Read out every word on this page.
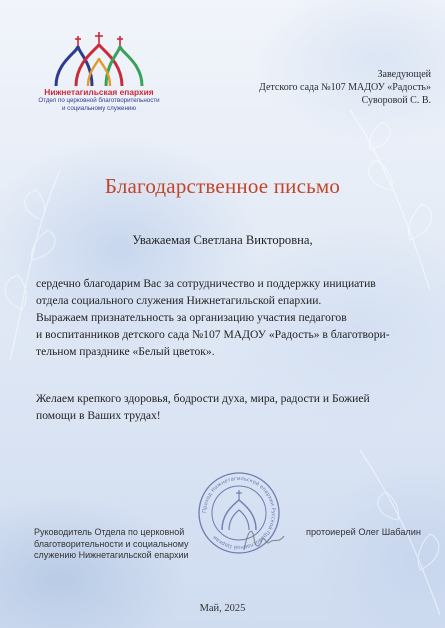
Нижнетагильская епархия
Отдел по церковной благотворительности
и социальному служению
Заведующей
Детского сада №107 МАДОУ «Радость»
Суворовой С. В.
Благодарственное письмо
Уважаемая Светлана Викторовна,
сердечно благодарим Вас за сотрудничество и поддержку инициатив
отдела социального служения Нижнетагильской епархии.
Выражаем признательность за организацию участия педагогов
и воспитанников детского сада №107 МАДОУ «Радость» в благотвори-
тельном празднике «Белый цветок».
Желаем крепкого здоровья, бодрости духа, мира, радости и Божией
помощи в Ваших трудах!
Приход Нижнетагильской епархии Русской Православной Церкви
Руководитель Отдела по церковной
благотворительности и социальному
служению Нижнетагильской епархии
протоиерей Олег Шабалин
Май, 2025
